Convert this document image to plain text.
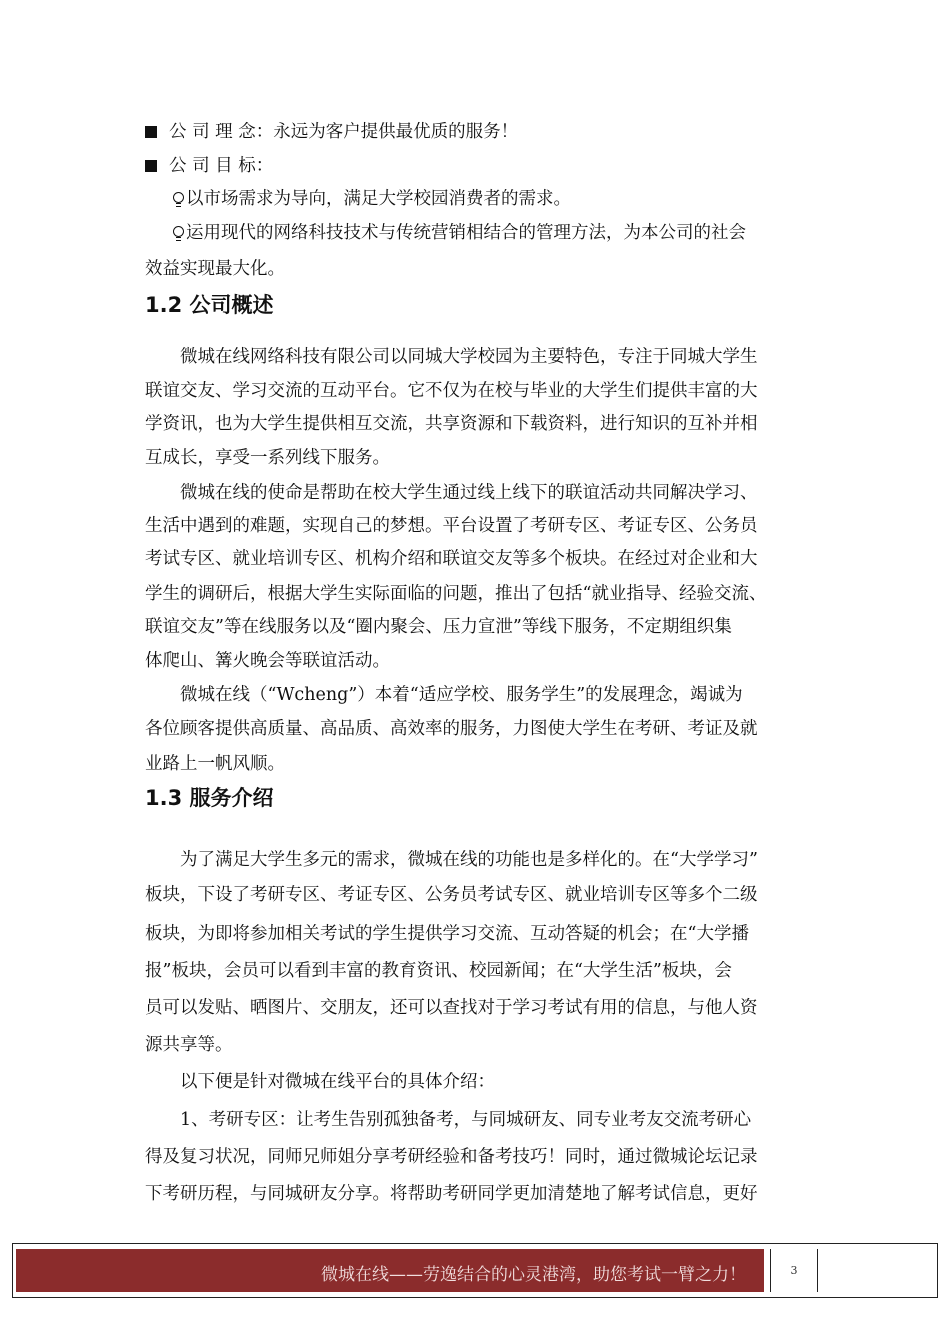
公 司 理 念：永远为客户提供最优质的服务！
公 司 目 标：
以市场需求为导向，满足大学校园消费者的需求。
运用现代的网络科技技术与传统营销相结合的管理方法，为本公司的社会
效益实现最大化。
1.2 公司概述
微城在线网络科技有限公司以同城大学校园为主要特色，专注于同城大学生
联谊交友、学习交流的互动平台。它不仅为在校与毕业的大学生们提供丰富的大
学资讯，也为大学生提供相互交流，共享资源和下载资料，进行知识的互补并相
互成长，享受一系列线下服务。
微城在线的使命是帮助在校大学生通过线上线下的联谊活动共同解决学习、
生活中遇到的难题，实现自己的梦想。平台设置了考研专区、考证专区、公务员
考试专区、就业培训专区、机构介绍和联谊交友等多个板块。在经过对企业和大
学生的调研后，根据大学生实际面临的问题，推出了包括“就业指导、经验交流、
联谊交友”等在线服务以及“圈内聚会、压力宣泄”等线下服务，不定期组织集
体爬山、篝火晚会等联谊活动。
微城在线（“Wcheng”）本着“适应学校、服务学生”的发展理念，竭诚为
各位顾客提供高质量、高品质、高效率的服务，力图使大学生在考研、考证及就
业路上一帆风顺。
1.3 服务介绍
为了满足大学生多元的需求，微城在线的功能也是多样化的。在“大学学习”
板块，下设了考研专区、考证专区、公务员考试专区、就业培训专区等多个二级
板块，为即将参加相关考试的学生提供学习交流、互动答疑的机会；在“大学播
报”板块，会员可以看到丰富的教育资讯、校园新闻；在“大学生活”板块，会
员可以发贴、晒图片、交朋友，还可以查找对于学习考试有用的信息，与他人资
源共享等。
以下便是针对微城在线平台的具体介绍：
1、考研专区：让考生告别孤独备考，与同城研友、同专业考友交流考研心
得及复习状况，同师兄师姐分享考研经验和备考技巧！同时，通过微城论坛记录
下考研历程，与同城研友分享。将帮助考研同学更加清楚地了解考试信息，更好
微城在线——劳逸结合的心灵港湾，助您考试一臂之力！	3
